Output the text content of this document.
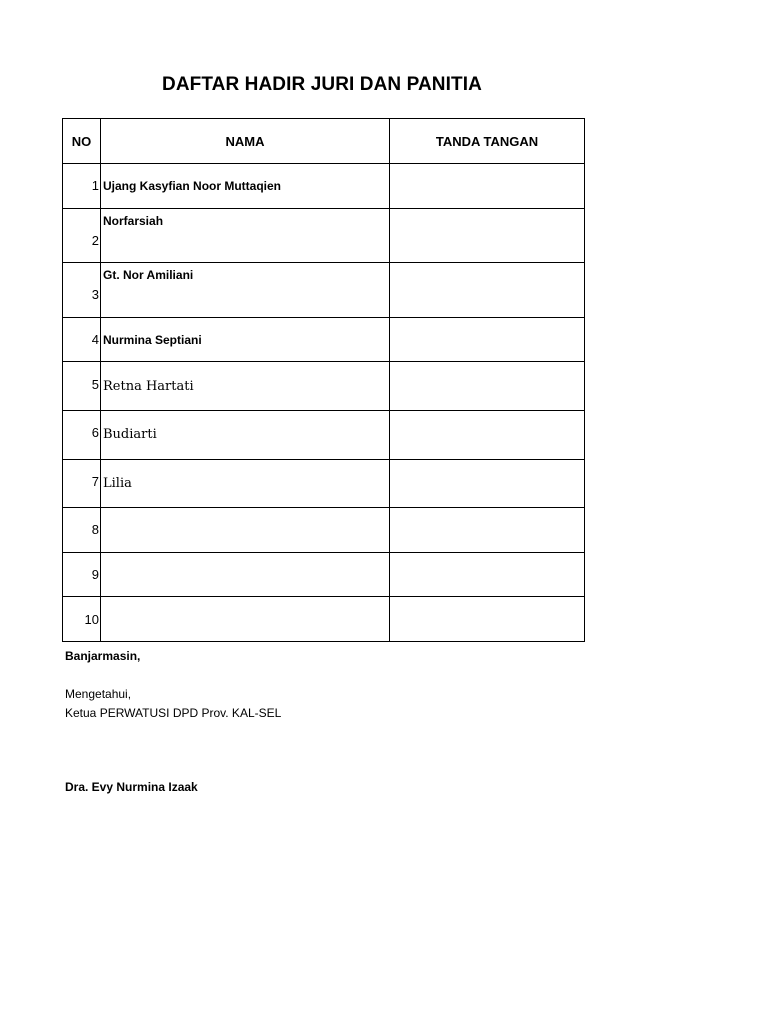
DAFTAR HADIR JURI DAN PANITIA
NO	NAMA	TANDA TANGAN
1	Ujang Kasyfian Noor Muttaqien	
2	Norfarsiah	
3	Gt. Nor Amiliani	
4	Nurmina Septiani	
5	Retna Hartati	
6	Budiarti	
7	Lilia	
8		
9		
10		
Banjarmasin,
Mengetahui,
Ketua PERWATUSI DPD Prov. KAL-SEL
Dra. Evy Nurmina Izaak
